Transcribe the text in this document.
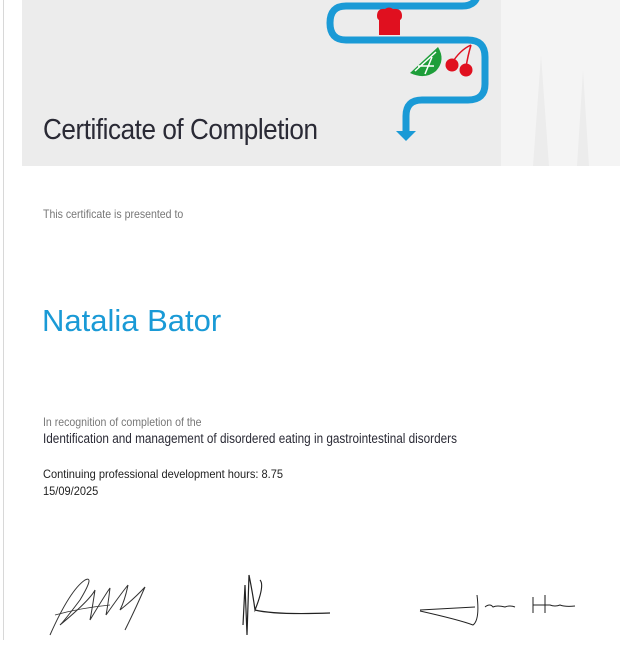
Certificate of Completion
This certificate is presented to
Natalia Bator
In recognition of completion of the
Identification and management of disordered eating in gastrointestinal disorders
Continuing professional development hours: 8.75
15/09/2025
